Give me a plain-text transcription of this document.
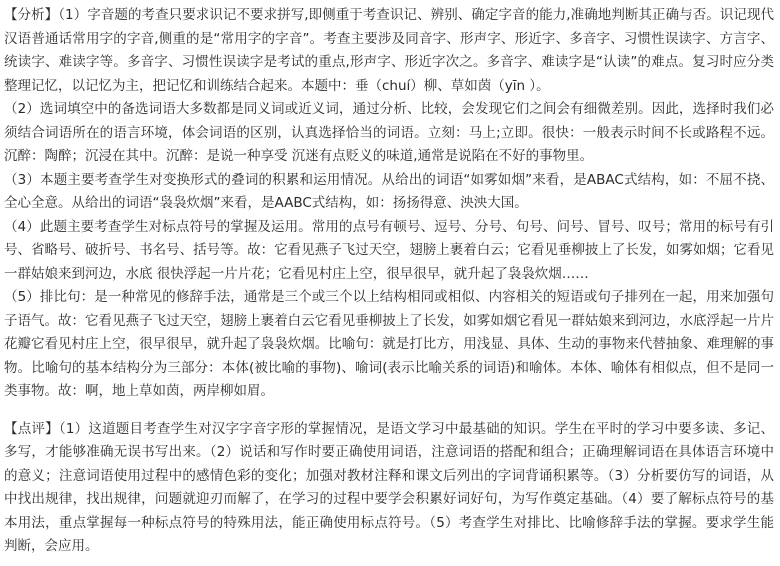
【分析】（1）字音题的考查只要求识记不要求拼写,即侧重于考查识记、辨别、确定字音的能力,准确地判断其正确与否。识记现代汉语普通话常用字的字音,侧重的是“常用字的字音”。考查主要涉及同音字、形声字、形近字、多音字、习惯性误读字、方言字、统读字、难读字等。多音字、习惯性误读字是考试的重点,形声字、形近字次之。多音字、难读字是“认读”的难点。复习时应分类整理记忆，以记忆为主，把记忆和训练结合起来。本题中：垂（chuí）柳、草如茵（yīn ）。

（2）选词填空中的备选词语大多数都是同义词或近义词，通过分析、比较，会发现它们之间会有细微差别。因此，选择时我们必须结合词语所在的语言环境，体会词语的区别，认真选择恰当的词语。立刻：马上;立即。很快：一般表示时间不长或路程不远。沉醉：陶醉；沉浸在其中。沉醉：是说一种享受 沉迷有点贬义的味道,通常是说陷在不好的事物里。

（3）本题主要考查学生对变换形式的叠词的积累和运用情况。从给出的词语“如雾如烟”来看，是ABAC式结构，如：不屈不挠、全心全意。从给出的词语“袅袅炊烟”来看，是AABC式结构，如：扬扬得意、泱泱大国。

（4）此题主要考查学生对标点符号的掌握及运用。常用的点号有顿号、逗号、分号、句号、问号、冒号、叹号；常用的标号有引号、省略号、破折号、书名号、括号等。故：它看见燕子飞过天空，翅膀上裹着白云；它看见垂柳披上了长发，如雾如烟；它看见一群姑娘来到河边，水底 很快浮起一片片花；它看见村庄上空，很早很早，就升起了袅袅炊烟……

（5）排比句：是一种常见的修辞手法，通常是三个或三个以上结构相同或相似、内容相关的短语或句子排列在一起，用来加强句子语气。故：它看见燕子飞过天空，翅膀上裹着白云它看见垂柳披上了长发，如雾如烟它看见一群姑娘来到河边，水底浮起一片片花瓣它看见村庄上空，很早很早，就升起了袅袅炊烟。比喻句：就是打比方，用浅显、具体、生动的事物来代替抽象、难理解的事物。比喻句的基本结构分为三部分：本体(被比喻的事物)、喻词(表示比喻关系的词语)和喻体。本体、喻体有相似点，但不是同一类事物。故：啊，地上草如茵，两岸柳如眉。

【点评】（1）这道题目考查学生对汉字字音字形的掌握情况，是语文学习中最基础的知识。学生在平时的学习中要多读、多记、多写，才能够准确无误书写出来。（2）说话和写作时要正确使用词语，注意词语的搭配和组合；正确理解词语在具体语言环境中的意义；注意词语使用过程中的感情色彩的变化；加强对教材注释和课文后列出的字词背诵积累等。（3）分析要仿写的词语，从中找出规律，找出规律，问题就迎刃而解了，在学习的过程中要学会积累好词好句，为写作奠定基础。（4）要了解标点符号的基本用法，重点掌握每一种标点符号的特殊用法，能正确使用标点符号。（5）考查学生对排比、比喻修辞手法的掌握。要求学生能判断，会应用。
